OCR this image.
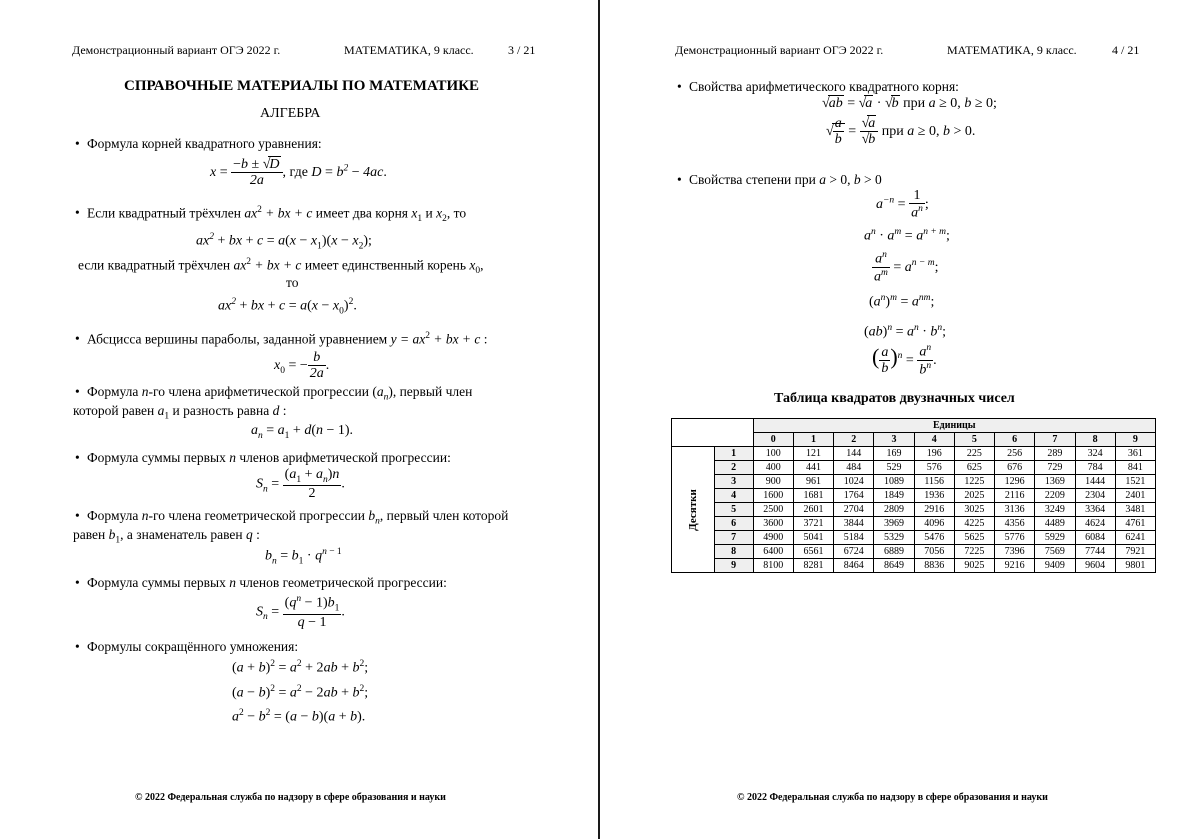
Демонстрационный вариант ОГЭ 2022 г.	МАТЕМАТИКА, 9 класс.	3 / 21
СПРАВОЧНЫЕ МАТЕРИАЛЫ ПО МАТЕМАТИКЕ
АЛГЕБРА
• Формула корней квадратного уравнения:
$x = \frac{-b \pm √D}{2a}$ , где $D = b^2 - 4ac$.
• Если квадратный трёхчлен $ax^2$ + bx + c имеет два корня $x_1$ и $x_2$, то
$ax^2$ + bx + $c = a(x - x_1)(x - x_2)$;
если квадратный трёхчлен $ax^2$ + bx + c имеет единственный корень $x_0$,
то
$ax^2$ + bx + $c = a(x - x_0)^2$.
• Абсцисса вершины параболы, заданной уравнением $y = ax^2$ + bx + c :
$x_0$ = − $\frac{b}{2a}$ .
• Формула n-го члена арифметической прогрессии $(a_n)$, первый член
которой равен $a_1$ и разность равна d :
$a_n = a_1 + d(n - 1)$.
• Формула суммы первых n членов арифметической прогрессии:
$S_n = \frac{(a_1 + a_n)n}{2}$ .
• Формула n-го члена геометрической прогрессии $b_n$, первый член которой
равен $b_1$, а знаменатель равен q :
$b_n = b_1 \cdot q^{n - 1}$
• Формула суммы первых n членов геометрической прогрессии:
$S_n = \frac{(q^n - 1)b_1}{q - 1}$ .
• Формулы сокращённого умножения:
$(a + b)^2 = a^2 + 2ab + b^2$;
$(a - b)^2 = a^2 - 2ab + b^2$;
$a^2 - b^2 = (a - b)(a + b)$.
© 2022 Федеральная служба по надзору в сфере образования и науки
Демонстрационный вариант ОГЭ 2022 г.	МАТЕМАТИКА, 9 класс.	4 / 21
• Свойства арифметического квадратного корня:
√ab = √a · √b при a ≥ 0, b ≥ 0;
√ $\frac{a}{b} = \frac{√a}{√b}$ при a ≥ 0, b > 0.
• Свойства степени при a > 0, b > 0
$a^{-n} = \frac{1}{a^n}$ ;
$a^n \cdot a^m = a^{n + m}$;
$\frac{a^n}{a^m} = a^{n - m}$;
$(a^n)^m = a^{nm}$;
$(ab)^n = a^n \cdot b^n$;
( $\frac{a}{b} )^n = \frac{a^n}{b^n}$ .
Таблица квадратов двузначных чисел
		Единицы									
		0	1	2	3	4	5	6	7	8	9
Десятки	1	100	121	144	169	196	225	256	289	324	361
	2	400	441	484	529	576	625	676	729	784	841
	3	900	961	1024	1089	1156	1225	1296	1369	1444	1521
	4	1600	1681	1764	1849	1936	2025	2116	2209	2304	2401
	5	2500	2601	2704	2809	2916	3025	3136	3249	3364	3481
	6	3600	3721	3844	3969	4096	4225	4356	4489	4624	4761
	7	4900	5041	5184	5329	5476	5625	5776	5929	6084	6241
	8	6400	6561	6724	6889	7056	7225	7396	7569	7744	7921
	9	8100	8281	8464	8649	8836	9025	9216	9409	9604	9801
© 2022 Федеральная служба по надзору в сфере образования и науки
